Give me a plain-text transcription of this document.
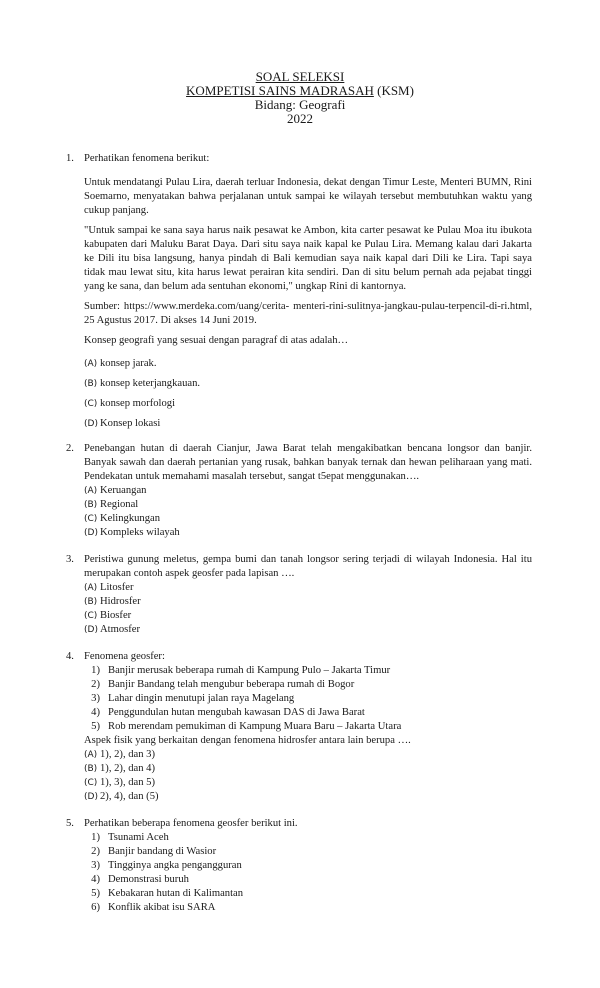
SOAL SELEKSI
KOMPETISI SAINS MADRASAH (KSM)
Bidang: Geografi
2022
1. Perhatikan fenomena berikut:

Untuk mendatangi Pulau Lira, daerah terluar Indonesia, dekat dengan Timur Leste, Menteri BUMN, Rini Soemarno, menyatakan bahwa perjalanan untuk sampai ke wilayah tersebut membutuhkan waktu yang cukup panjang.

"Untuk sampai ke sana saya harus naik pesawat ke Ambon, kita carter pesawat ke Pulau Moa itu ibukota kabupaten dari Maluku Barat Daya. Dari situ saya naik kapal ke Pulau Lira. Memang kalau dari Jakarta ke Dili itu bisa langsung, hanya pindah di Bali kemudian saya naik kapal dari Dili ke Lira. Tapi saya tidak mau lewat situ, kita harus lewat perairan kita sendiri. Dan di situ belum pernah ada pejabat tinggi yang ke sana, dan belum ada sentuhan ekonomi," ungkap Rini di kantornya.

Sumber: https://www.merdeka.com/uang/cerita- menteri-rini-sulitnya-jangkau-pulau-terpencil-di-ri.html, 25 Agustus 2017. Di akses 14 Juni 2019.

Konsep geografi yang sesuai dengan paragraf di atas adalah…

(A) konsep jarak.
(B) konsep keterjangkauan.
(C) konsep morfologi
(D) Konsep lokasi
2. Penebangan hutan di daerah Cianjur, Jawa Barat telah mengakibatkan bencana longsor dan banjir. Banyak sawah dan daerah pertanian yang rusak, bahkan banyak ternak dan hewan peliharaan yang mati. Pendekatan untuk memahami masalah tersebut, sangat t5epat menggunakan….

(A) Keruangan
(B) Regional
(C) Kelingkungan
(D) Kompleks wilayah
3. Peristiwa gunung meletus, gempa bumi dan tanah longsor sering terjadi di wilayah Indonesia. Hal itu merupakan contoh aspek geosfer pada lapisan ….

(A) Litosfer
(B) Hidrosfer
(C) Biosfer
(D) Atmosfer
4. Fenomena geosfer:

1) Banjir merusak beberapa rumah di Kampung Pulo – Jakarta Timur
2) Banjir Bandang telah mengubur beberapa rumah di Bogor
3) Lahar dingin menutupi jalan raya Magelang
4) Penggundulan hutan mengubah kawasan DAS di Jawa Barat
5) Rob merendam pemukiman di Kampung Muara Baru – Jakarta Utara

Aspek fisik yang berkaitan dengan fenomena hidrosfer antara lain berupa ….

(A) 1), 2), dan 3)
(B) 1), 2), dan 4)
(C) 1), 3), dan 5)
(D) 2), 4), dan (5)
5. Perhatikan beberapa fenomena geosfer berikut ini.

1) Tsunami Aceh
2) Banjir bandang di Wasior
3) Tingginya angka pengangguran
4) Demonstrasi buruh
5) Kebakaran hutan di Kalimantan
6) Konflik akibat isu SARA
